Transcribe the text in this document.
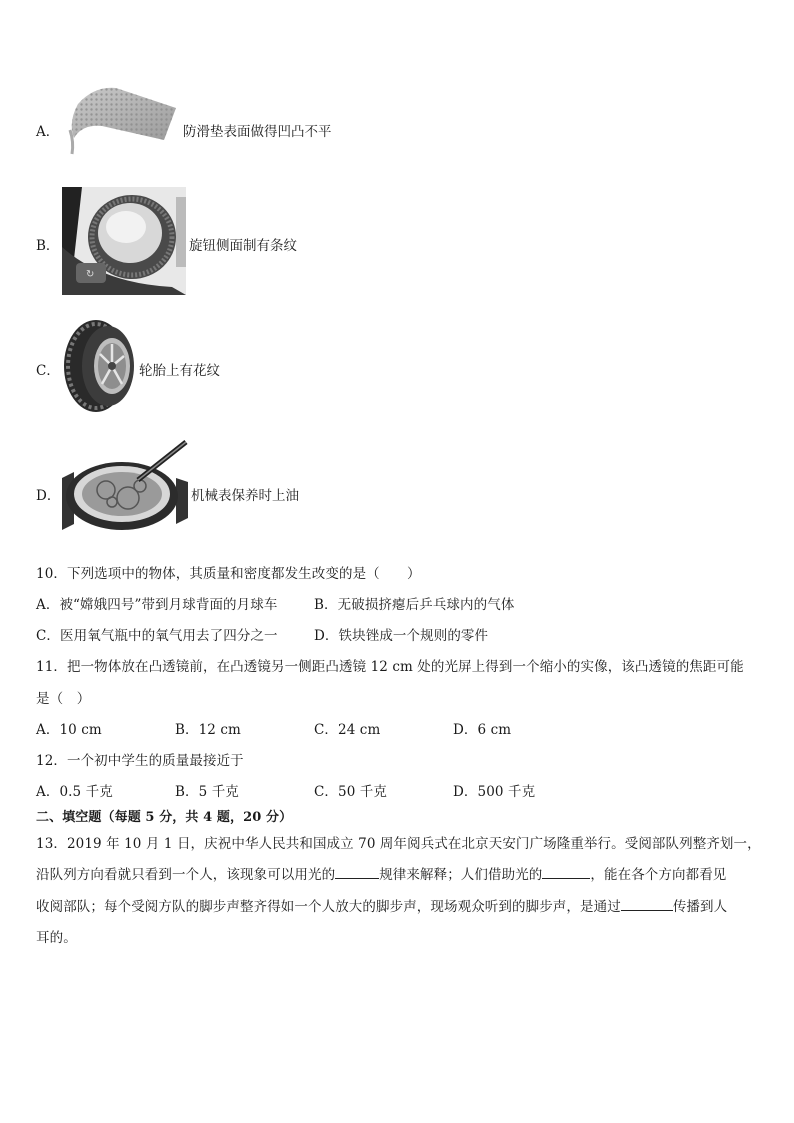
A．	防滑垫表面做得凹凸不平
B．
↻
旋钮侧面制有条纹
C．	轮胎上有花纹
D．	机械表保养时上油
10．下列选项中的物体，其质量和密度都发生改变的是（　　）
A．被“嫦娥四号”带到月球背面的月球车	B．无破损挤瘪后乒乓球内的气体
C．医用氧气瓶中的氧气用去了四分之一	D．铁块锉成一个规则的零件
11．把一物体放在凸透镜前，在凸透镜另一侧距凸透镜 12 cm 处的光屏上得到一个缩小的实像，该凸透镜的焦距可能
是（　）
A．10 cm	B．12 cm	C．24 cm	D．6 cm
12．一个初中学生的质量最接近于
A．0.5 千克	B．5 千克	C．50 千克	D．500 千克
二、填空题（每题 5 分，共 4 题，20 分）
13．2019 年 10 月 1 日，庆祝中华人民共和国成立 70 周年阅兵式在北京天安门广场隆重举行。受阅部队列整齐划一，
沿队列方向看就只看到一个人，该现象可以用光的	规律来解释；人们借助光的	，能在各个方向都看见
收阅部队；每个受阅方队的脚步声整齐得如一个人放大的脚步声，现场观众听到的脚步声，是通过	传播到人
耳的。
